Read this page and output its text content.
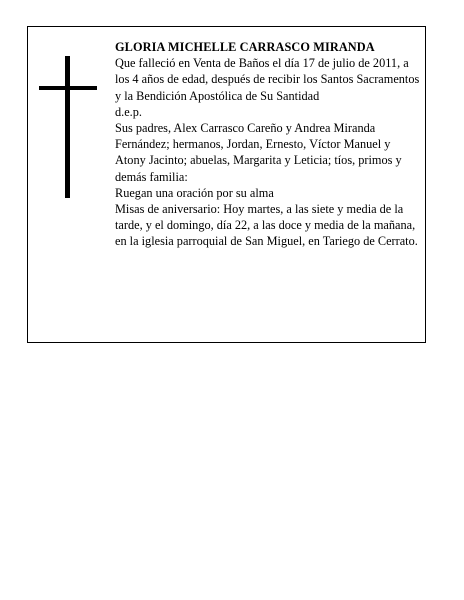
GLORIA MICHELLE CARRASCO MIRANDA

Que falleció en Venta de Baños el día 17 de julio de 2011, a los 4 años de edad, después de recibir los Santos Sacramentos y la Bendición Apostólica de Su Santidad

d.e.p.

Sus padres, Alex Carrasco Careño y Andrea Miranda Fernández; hermanos, Jordan, Ernesto, Víctor Manuel y Atony Jacinto; abuelas, Margarita y Leticia; tíos, primos y demás familia:

Ruegan una oración por su alma

Misas de aniversario: Hoy martes, a las siete y media de la tarde, y el domingo, día 22, a las doce y media de la mañana, en la iglesia parroquial de San Miguel, en Tariego de Cerrato.
